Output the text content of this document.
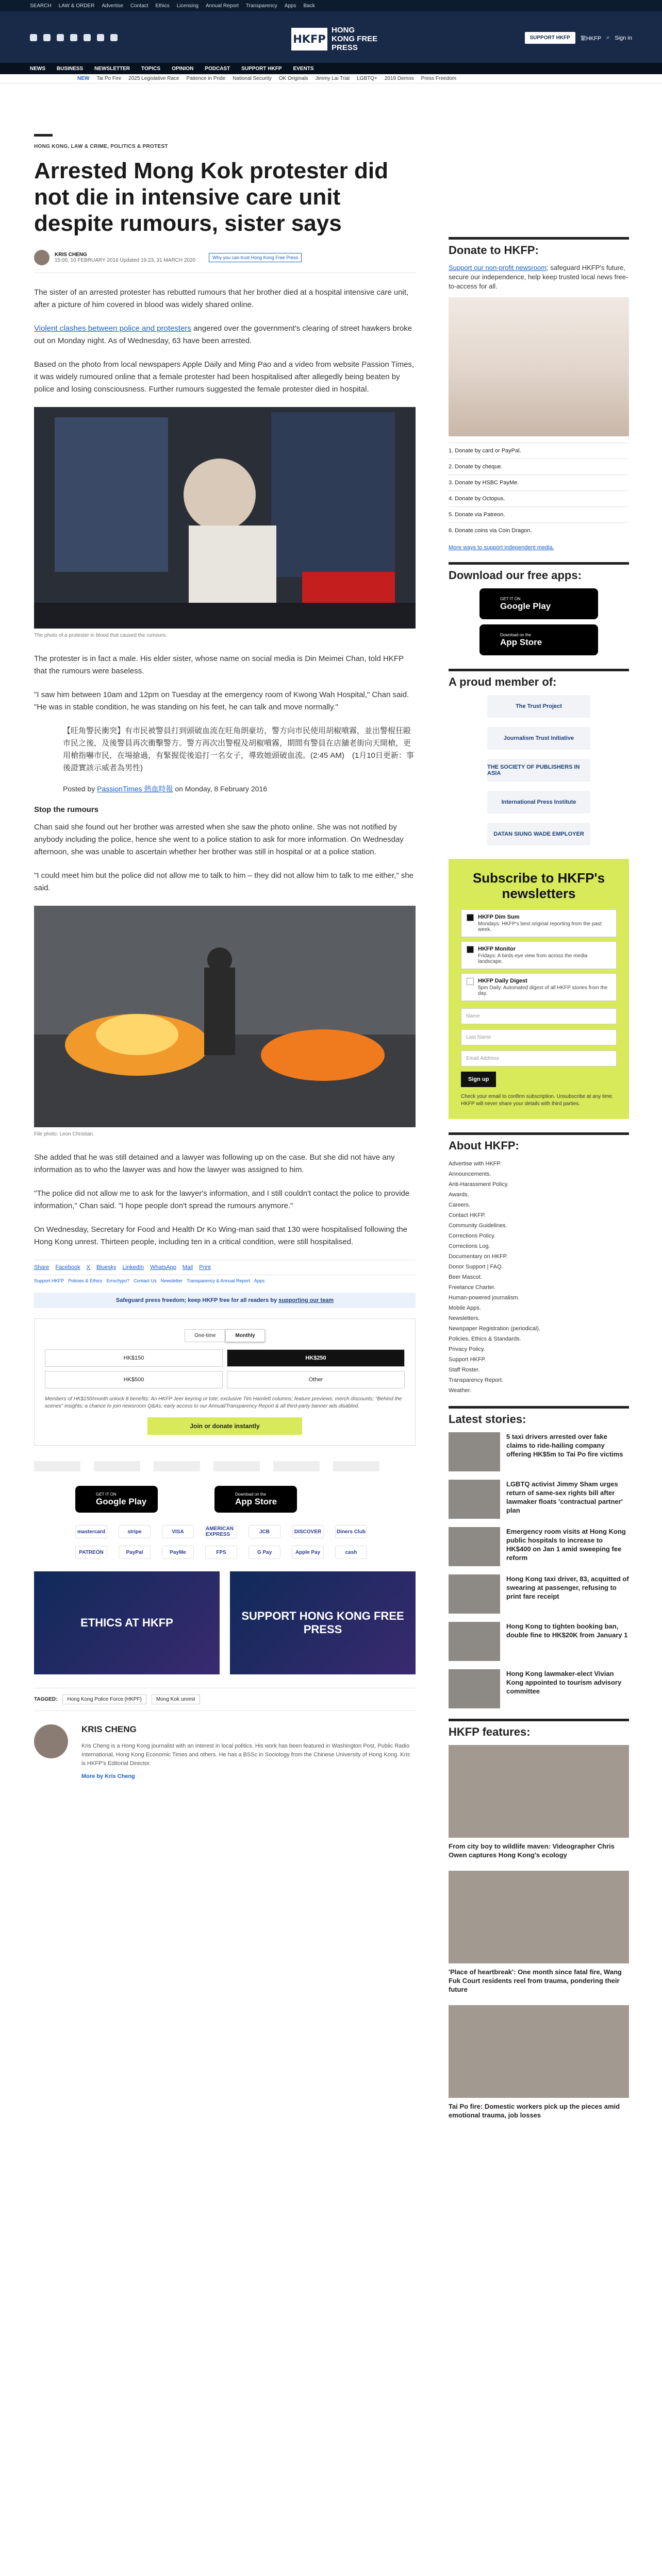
SEARCH LAW & ORDER Advertise Contact Ethics Licensing Annual Report Transparency Apps Back
HKFP
HONG KONG FREE PRESS
SUPPORT HKFP	繁HKFP ⌕ Sign in
NEWS BUSINESS NEWSLETTER TOPICS OPINION PODCAST SUPPORT HKFP EVENTS
NEW Tai Po Fire 2025 Legislative Race Patience in Pride National Security OK Originals Jimmy Lai Trial LGBTQ+ 2019 Demos Press Freedom
HONG KONG, LAW & CRIME, POLITICS & PROTEST
Arrested Mong Kok protester did not die in intensive care unit despite rumours, sister says
KRIS CHENG
15:00, 10 FEBRUARY 2016 Updated 19:23, 31 MARCH 2020	Why you can trust Hong Kong Free Press

The sister of an arrested protester has rebutted rumours that her brother died at a hospital intensive care unit, after a picture of him covered in blood was widely shared online.

Violent clashes between police and protesters angered over the government's clearing of street hawkers broke out on Monday night. As of Wednesday, 63 have been arrested.

Based on the photo from local newspapers Apple Daily and Ming Pao and a video from website Passion Times, it was widely rumoured online that a female protester had been hospitalised after allegedly being beaten by police and losing consciousness. Further rumours suggested the female protester died in hospital.

The photo of a protester in blood that caused the rumours.

The protester is in fact a male. His elder sister, whose name on social media is Din Meimei Chan, told HKFP that the rumours were baseless.

"I saw him between 10am and 12pm on Tuesday at the emergency room of Kwong Wah Hospital," Chan said. "He was in stable condition, he was standing on his feet, he can talk and move normally."

【旺角警民衝突】有市民被警員打到頭破血流在旺角朗豪坊，警方向市民使用胡椒噴霧，並出警棍狂毆市民之後，及後警員再次衝擊警方。警方再次出警棍及胡椒噴霧，期間有警員在店舖老街向天開槍，更用槍指嚇市民，在場搶過，有緊握從後追打一名女子，導致她頭破血流。(2:45 AM)　(1月10日更新：事後證實該示威者為男性)
Posted by PassionTimes 熱血時報 on Monday, 8 February 2016
Stop the rumours

Chan said she found out her brother was arrested when she saw the photo online. She was not notified by anybody including the police, hence she went to a police station to ask for more information. On Wednesday afternoon, she was unable to ascertain whether her brother was still in hospital or at a police station.

"I could meet him but the police did not allow me to talk to him – they did not allow him to talk to me either," she said.

File photo: Leon Christian.

She added that he was still detained and a lawyer was following up on the case. But she did not have any information as to who the lawyer was and how the lawyer was assigned to him.

"The police did not allow me to ask for the lawyer's information, and I still couldn't contact the police to provide information," Chan said. "I hope people don't spread the rumours anymore."

On Wednesday, Secretary for Food and Health Dr Ko Wing-man said that 130 were hospitalised following the Hong Kong unrest. Thirteen people, including ten in a critical condition, were still hospitalised.

Share Facebook X Bluesky LinkedIn WhatsApp Mail Print
Support HKFP Policies & Ethics Error/typo? Contact Us Newsletter Transparency & Annual Report Apps
Safeguard press freedom; keep HKFP free for all readers by supporting our team
One-time	Monthly
HK$150	HK$250
HK$500	Other
Members of HK$150/month unlock 8 benefits: An HKFP Jeer keyring or tote; exclusive Tim Hamlett columns; feature previews; merch discounts; "Behind the scenes" insights; a chance to join newsroom Q&As; early access to our Annual/Transparency Report & all third-party banner ads disabled.
Join or donate instantly
GET IT ON
Google Play
Download on the
App Store
mastercard	stripe	VISA	AMERICAN EXPRESS	JCB	DISCOVER	Diners Club
PATREON	PayPal	PayMe	FPS	G Pay	Apple Pay	cash
ETHICS AT HKFP
SUPPORT HONG KONG FREE PRESS
TAGGED:	Hong Kong Police Force (HKPF)	Mong Kok unrest
KRIS CHENG

Kris Cheng is a Hong Kong journalist with an interest in local politics. His work has been featured in Washington Post, Public Radio International, Hong Kong Economic Times and others. He has a BSSc in Sociology from the Chinese University of Hong Kong. Kris is HKFP's Editorial Director.

More by Kris Cheng
Donate to HKFP:
Support our non-profit newsroom; safeguard HKFP's future, secure our independence, help keep trusted local news free-to-access for all.
1. Donate by card or PayPal.
2. Donate by cheque.
3. Donate by HSBC PayMe.
4. Donate by Octopus.
5. Donate via Patreon.
6. Donate coins via Coin Dragon.
More ways to support independent media.
Download our free apps:
GET IT ON
Google Play
Download on the
App Store
A proud member of:
The Trust Project
Journalism Trust Initiative
THE SOCIETY OF PUBLISHERS IN ASIA
International Press Institute
DATAN SIUNG WADE EMPLOYER
Subscribe to HKFP's newsletters
HKFP Dim Sum
Mondays: HKFP's best original reporting from the past week.
HKFP Monitor
Fridays: A birds-eye view from across the media landscape.
HKFP Daily Digest
5pm Daily. Automated digest of all HKFP stories from the day.
Name
Last Name
Email Address
Sign up
Check your email to confirm subscription. Unsubscribe at any time. HKFP will never share your details with third parties.
About HKFP:
Advertise with HKFP.
Announcements.
Anti-Harassment Policy.
Awards.
Careers.
Contact HKFP.
Community Guidelines.
Corrections Policy.
Corrections Log.
Documentary on HKFP.
Donor Support | FAQ.
Beer Mascot.
Freelance Charter.
Human-powered journalism.
Mobile Apps.
Newsletters.
Newspaper Registration (periodical).
Policies, Ethics & Standards.
Privacy Policy.
Support HKFP.
Staff Roster.
Transparency Report.
Weather.
Latest stories:

5 taxi drivers arrested over fake claims to ride-hailing company offering HK$5m to Tai Po fire victims

LGBTQ activist Jimmy Sham urges return of same-sex rights bill after lawmaker floats 'contractual partner' plan

Emergency room visits at Hong Kong public hospitals to increase to HK$400 on Jan 1 amid sweeping fee reform

Hong Kong taxi driver, 83, acquitted of swearing at passenger, refusing to print fare receipt

Hong Kong to tighten booking ban, double fine to HK$20K from January 1

Hong Kong lawmaker-elect Vivian Kong appointed to tourism advisory committee

HKFP features:

From city boy to wildlife maven: Videographer Chris Owen captures Hong Kong's ecology

'Place of heartbreak': One month since fatal fire, Wang Fuk Court residents reel from trauma, pondering their future

Tai Po fire: Domestic workers pick up the pieces amid emotional trauma, job losses
